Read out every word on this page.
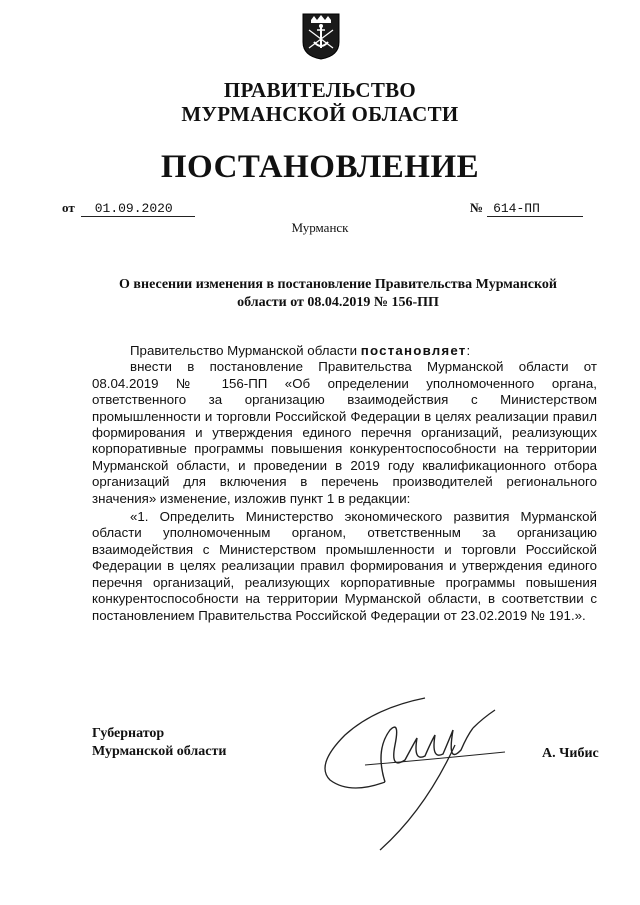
ПРАВИТЕЛЬСТВО
МУРМАНСКОЙ ОБЛАСТИ
ПОСТАНОВЛЕНИЕ
от 01.09.2020	№ 614-ПП
Мурманск
О внесении изменения в постановление Правительства Мурманской
области от 08.04.2019 № 156-ПП

Правительство Мурманской области постановляет:

внести в постановление Правительства Мурманской области от 08.04.2019 № 156-ПП «Об определении уполномоченного органа, ответственного за организацию взаимодействия с Министерством промышленности и торговли Российской Федерации в целях реализации правил формирования и утверждения единого перечня организаций, реализующих корпоративные программы повышения конкурентоспособности на территории Мурманской области, и проведении в 2019 году квалификационного отбора организаций для включения в перечень производителей регионального значения» изменение, изложив пункт 1 в редакции:

«1. Определить Министерство экономического развития Мурманской области уполномоченным органом, ответственным за организацию взаимодействия с Министерством промышленности и торговли Российской Федерации в целях реализации правил формирования и утверждения единого перечня организаций, реализующих корпоративные программы повышения конкурентоспособности на территории Мурманской области, в соответствии с постановлением Правительства Российской Федерации от 23.02.2019 № 191.».

Губернатор
Мурманской области	А. Чибис
